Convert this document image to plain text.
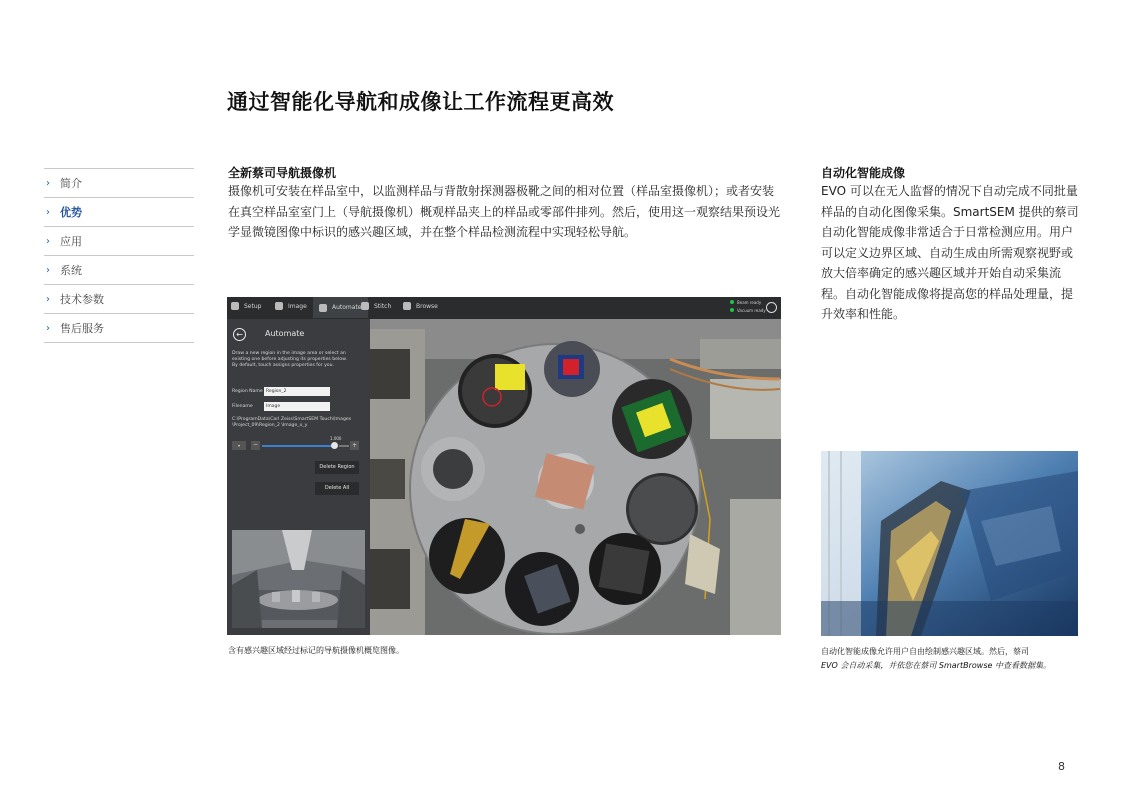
通过智能化导航和成像让工作流程更高效
› 简介
› 优势
› 应用
› 系统
› 技术参数
› 售后服务
全新蔡司导航摄像机
摄像机可安装在样品室中，以监测样品与背散射探测器极靴之间的相对位置（样品室摄像机）；或者安装在真空样品室室门上（导航摄像机）概观样品夹上的样品或零部件排列。然后，使用这一观察结果预设光学显微镜图像中标识的感兴趣区域，并在整个样品检测流程中实现轻松导航。
自动化智能成像
EVO 可以在无人监督的情况下自动完成不同批量样品的自动化图像采集。SmartSEM 提供的蔡司自动化智能成像非常适合于日常检测应用。用户可以定义边界区域、自动生成由所需观察视野或放大倍率确定的感兴趣区域并开始自动采集流程。自动化智能成像将提高您的样品处理量，提升效率和性能。
Setup	Image	Automate Stitch	Browse	Beam ready
Vacuum ready
←	Automate
Draw a new region in the image area or select an existing one before adjusting its properties below. By default, touch assigns properties for you.
Region Name Region_2
Filename	Image
C:\ProgramData\Carl Zeiss\SmartSEM Touch\Images\Project_09\Region_2 \Image_x_y
1.000
▾	−	+
Delete Region
Delete All
含有感兴趣区域经过标记的导航摄像机概览图像。	自动化智能成像允许用户自由绘制感兴趣区域。然后，蔡司
EVO 会自动采集，并依您在蔡司 SmartBrowse 中查看数据集。
8
